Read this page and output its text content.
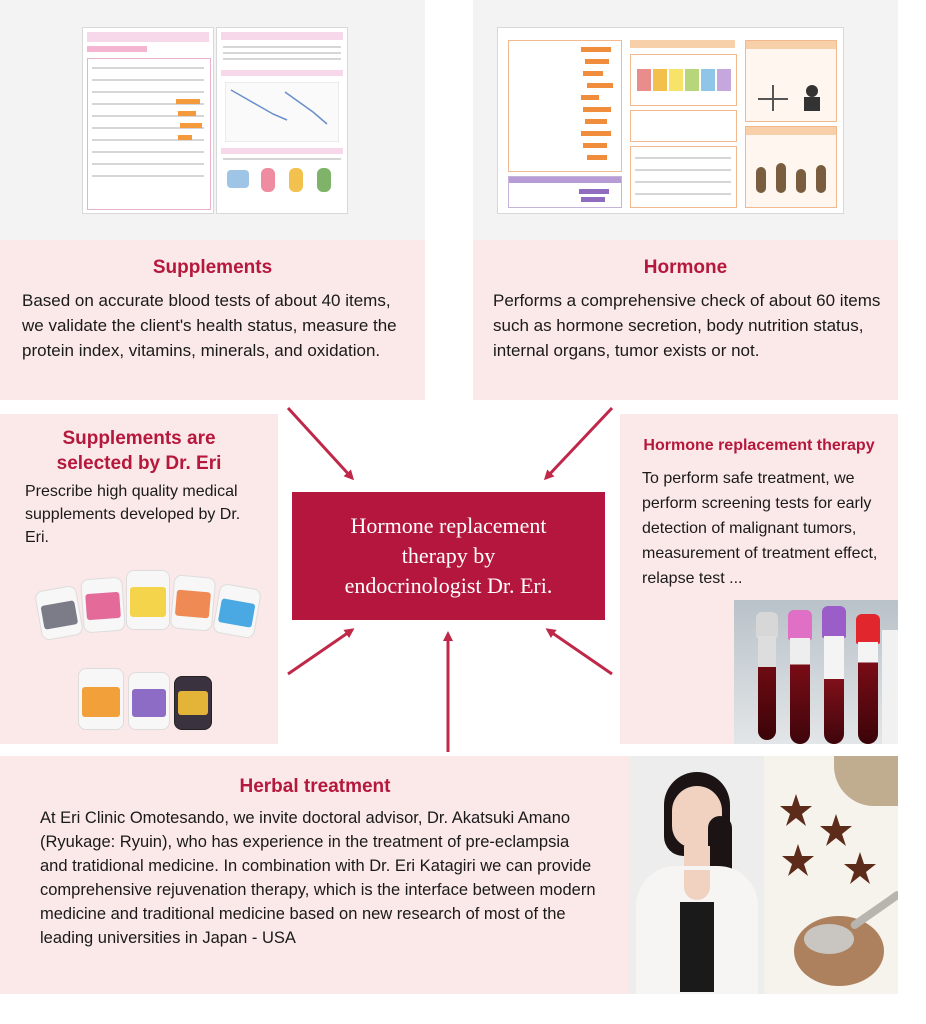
Supplements
Based on accurate blood tests of about 40 items, we validate the client's health status, measure the protein index, vitamins, minerals, and oxidation.
Hormone
Performs a comprehensive check of about 60 items such as hormone secretion, body nutrition status, internal organs, tumor exists or not.
Supplements are
selected by Dr. Eri
Prescribe high quality medical supplements developed by Dr. Eri.
Hormone replacement therapy
To perform safe treatment, we perform screening tests for early detection of malignant tumors, measurement of treatment effect, relapse test ...
Hormone replacement
therapy by
endocrinologist Dr. Eri.
Herbal treatment
At Eri Clinic Omotesando, we invite doctoral advisor, Dr. Akatsuki Amano (Ryukage: Ryuin), who has experience in the treatment of pre-eclampsia and tratidional medicine. In combination with Dr. Eri Katagiri we can provide comprehensive rejuvenation therapy, which is the interface between modern medicine and traditional medicine based on new research of most of the leading universities in Japan - USA
